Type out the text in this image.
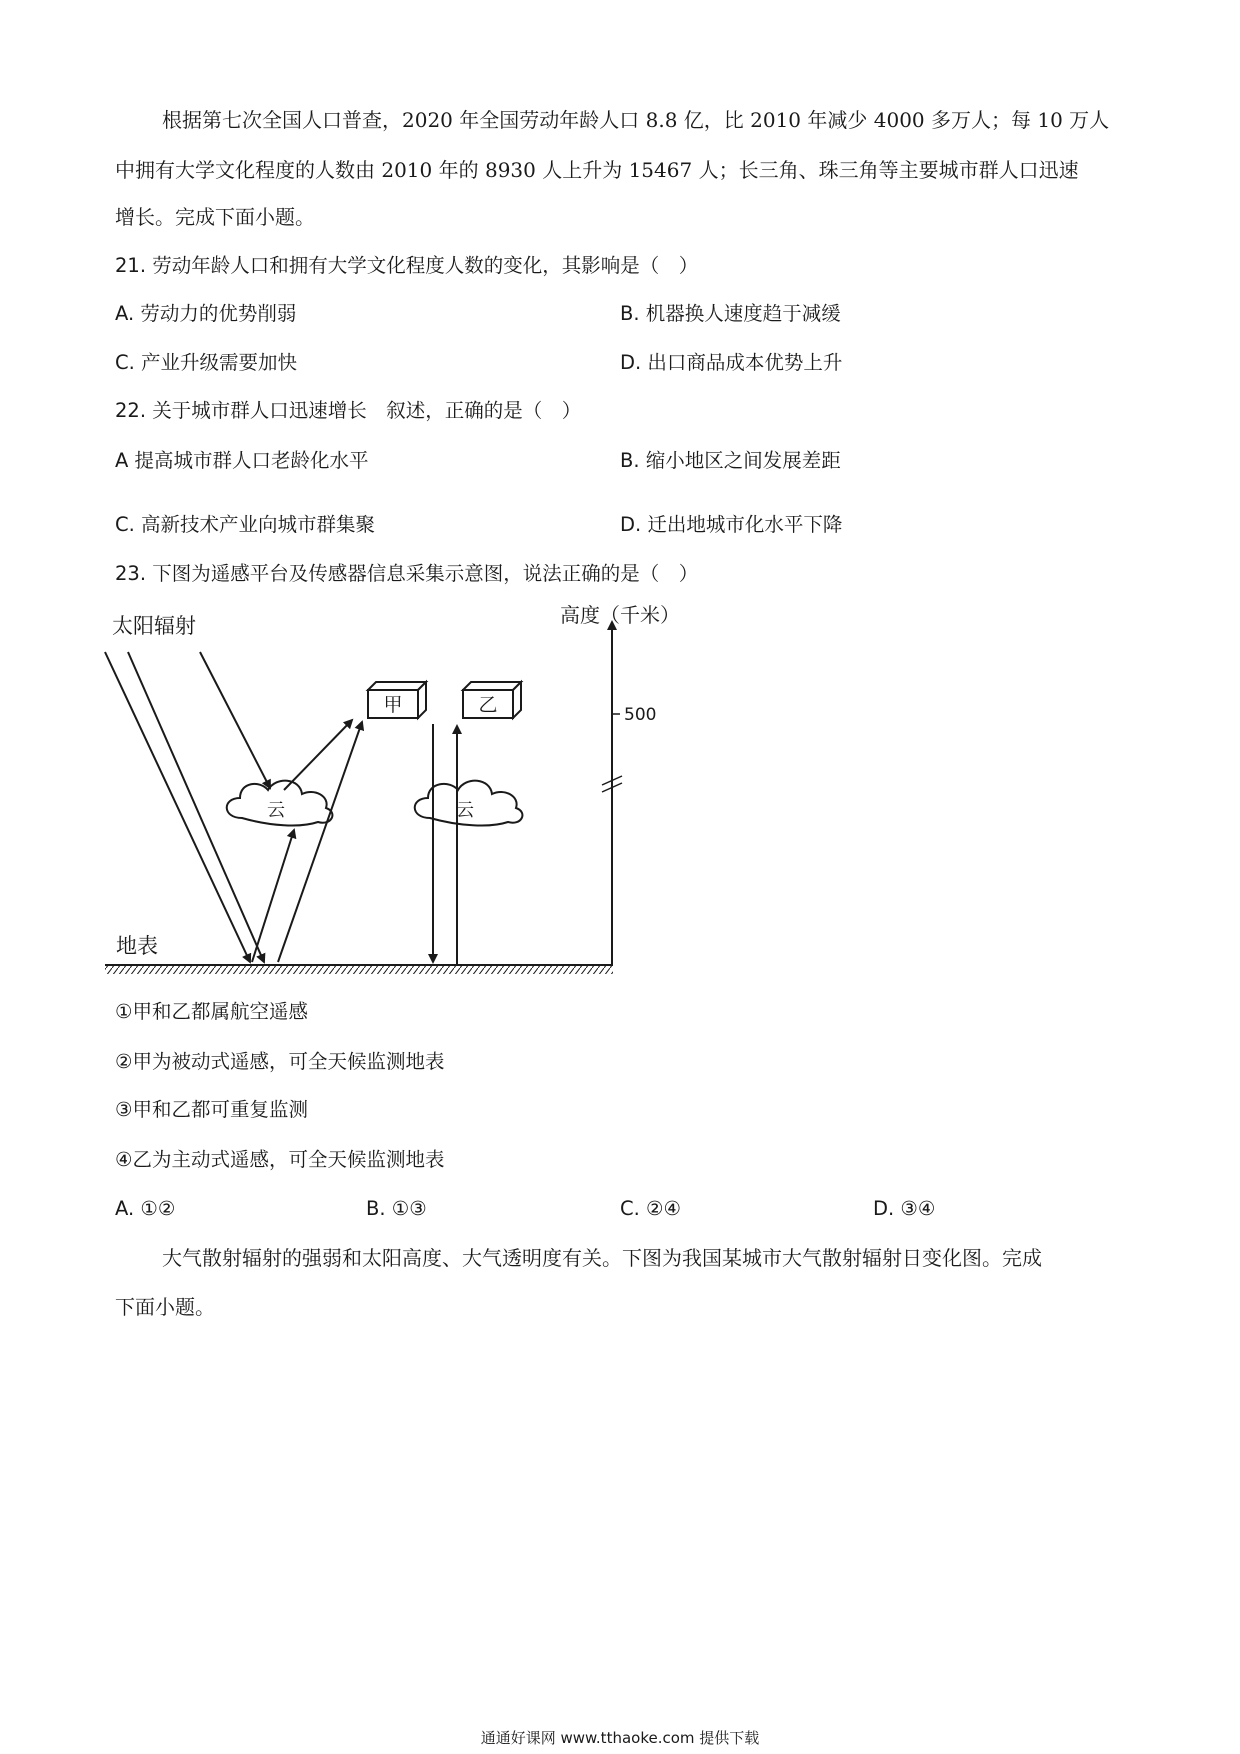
根据第七次全国人口普查，2020 年全国劳动年龄人口 8.8 亿，比 2010 年减少 4000 多万人；每 10 万人
中拥有大学文化程度的人数由 2010 年的 8930 人上升为 15467 人；长三角、珠三角等主要城市群人口迅速
增长。完成下面小题。
21. 劳动年龄人口和拥有大学文化程度人数的变化，其影响是（　）
A. 劳动力的优势削弱	B. 机器换人速度趋于减缓
C. 产业升级需要加快	D. 出口商品成本优势上升
22. 关于城市群人口迅速增长　叙述，正确的是（　）
A 提高城市群人口老龄化水平	B. 缩小地区之间发展差距
C. 高新技术产业向城市群集聚	D. 迁出地城市化水平下降
23. 下图为遥感平台及传感器信息采集示意图，说法正确的是（　）
太阳辐射	高度（千米）
500
地表
甲	乙
云	云
①甲和乙都属航空遥感
②甲为被动式遥感，可全天候监测地表
③甲和乙都可重复监测
④乙为主动式遥感，可全天候监测地表
A. ①②	B. ①③	C. ②④	D. ③④
大气散射辐射的强弱和太阳高度、大气透明度有关。下图为我国某城市大气散射辐射日变化图。完成
下面小题。
通通好课网 www.tthaoke.com 提供下载
